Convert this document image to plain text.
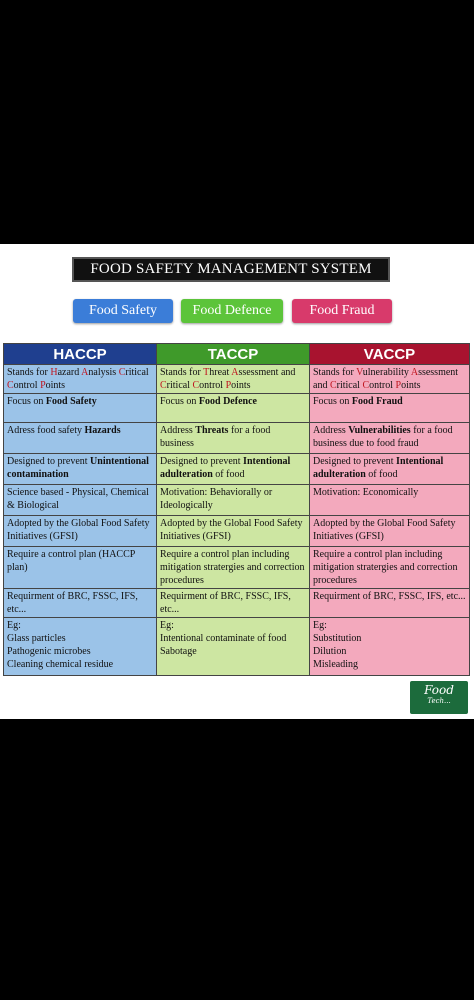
FOOD SAFETY MANAGEMENT SYSTEM
Food Safety	Food Defence	Food Fraud
HACCP	TACCP	VACCP
Stands for Hazard Analysis Critical Control Points	Stands for Threat Assessment and Critical Control Points	Stands for Vulnerability Assessment and Critical Control Points
Focus on Food Safety	Focus on Food Defence	Focus on Food Fraud
Adress food safety Hazards	Address Threats for a food business	Address Vulnerabilities for a food business due to food fraud
Designed to prevent Unintentional contamination	Designed to prevent Intentional adulteration of food	Designed to prevent Intentional adulteration of food
Science based - Physical, Chemical & Biological	Motivation: Behaviorally or Ideologically	Motivation: Economically
Adopted by the Global Food Safety Initiatives (GFSI)	Adopted by the Global Food Safety Initiatives (GFSI)	Adopted by the Global Food Safety Initiatives (GFSI)
Require a control plan (HACCP plan)	Require a control plan including mitigation stratergies and correction procedures	Require a control plan including mitigation stratergies and correction procedures
Requirment of BRC, FSSC, IFS, etc...	Requirment of BRC, FSSC, IFS, etc...	Requirment of BRC, FSSC, IFS, etc...
Eg:
Glass particles
Pathogenic microbes
Cleaning chemical residue	Eg:
Intentional contaminate of food
Sabotage	Eg:
Substitution
Dilution
Misleading
Food
Tech...
